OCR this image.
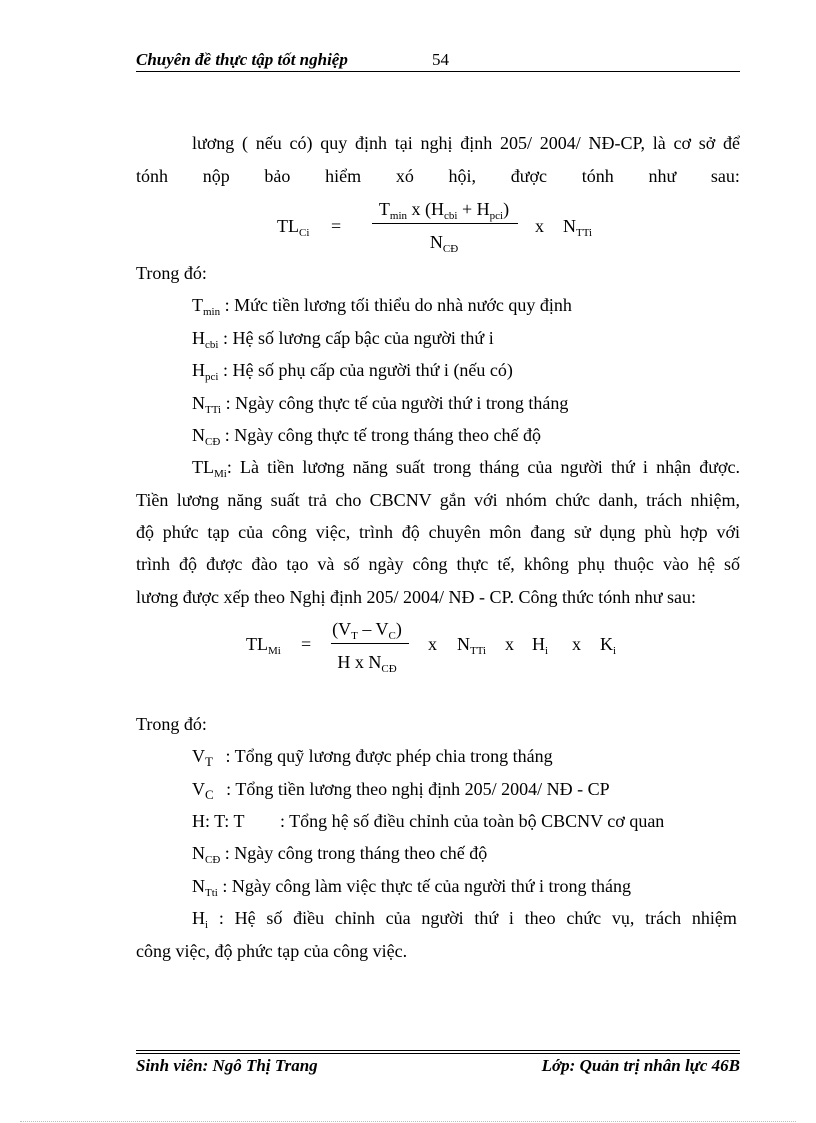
Chuyên đề thực tập tốt nghiệp	54
lương ( nếu có) quy định tại nghị định 205/ 2004/ NĐ-CP, là cơ sở để
tónh nộp bảo hiểm xó hội, được tónh như sau:
$TL_{Ci}$ =
$T_{min}$ x $(H_{cbi} + H_{pci})$
$N_{CĐ}$
x $N_{TTi}$
Trong đó:
$T_{min}$ : Mức tiền lương tối thiểu do nhà nước quy định
$H_{cbi}$ : Hệ số lương cấp bậc của người thứ i
$H_{pci}$ : Hệ số phụ cấp của người thứ i (nếu có)
$N_{TTi}$ : Ngày công thực tế của người thứ i trong tháng
$N_{CĐ}$ : Ngày công thực tế trong tháng theo chế độ
$TL_{Mi}$: Là tiền lương năng suất trong tháng của người thứ i nhận được.
Tiền lương năng suất trả cho CBCNV gắn với nhóm chức danh, trách nhiệm,
độ phức tạp của công việc, trình độ chuyên môn đang sử dụng phù hợp với
trình độ được đào tạo và số ngày công thực tế, không phụ thuộc vào hệ số
lương được xếp theo Nghị định 205/ 2004/ NĐ - CP. Công thức tónh như sau:
$TL_{Mi}$ =
$(V_T - V_C)$
H x $N_{CĐ}$
x $N_{TTi}$ x $H_i$ x $K_i$
Trong đó:
$V_T$ : Tổng quỹ lương được phép chia trong tháng
$V_C$ : Tổng tiền lương theo nghị định 205/ 2004/ NĐ - CP
H: T: T : Tổng hệ số điều chỉnh của toàn bộ CBCNV cơ quan
$N_{CĐ}$ : Ngày công trong tháng theo chế độ
$N_{Tti}$ : Ngày công làm việc thực tế của người thứ i trong tháng
$H_i$ : Hệ số điều chỉnh của người thứ i theo chức vụ, trách nhiệm
công việc, độ phức tạp của công việc.
Sinh viên: Ngô Thị Trang	Lớp: Quản trị nhân lực 46B
